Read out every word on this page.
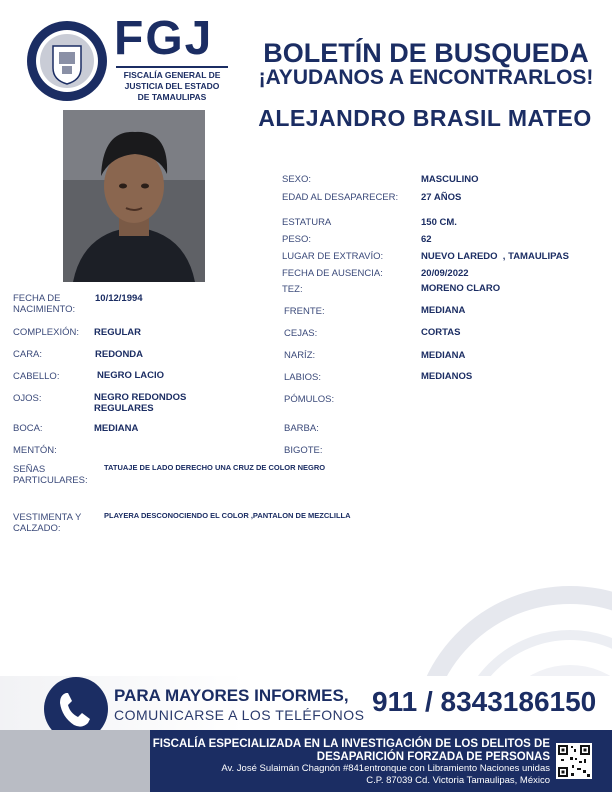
FGJ
FISCALÍA GENERAL DE
JUSTICIA DEL ESTADO
DE TAMAULIPAS
BOLETÍN DE BUSQUEDA
¡AYUDANOS A ENCONTRARLOS!
ALEJANDRO BRASIL MATEO
SEXO:	MASCULINO
EDAD AL DESAPARECER: 27 AÑOS
ESTATURA	150 CM.
PESO:	62
LUGAR DE EXTRAVÍO:	NUEVO LAREDO  , TAMAULIPAS
FECHA DE AUSENCIA:	20/09/2022
TEZ:	MORENO CLARO
FRENTE:	MEDIANA
CEJAS:	CORTAS
NARÍZ:	MEDIANA
LABIOS:	MEDIANOS
PÓMULOS:
BARBA:
BIGOTE:
FECHA DE NACIMIENTO:
10/12/1994
COMPLEXIÓN: REGULAR
CARA:	REDONDA
CABELLO:	NEGRO LACIO
OJOS:	NEGRO REDONDOS REGULARES
BOCA:	MEDIANA
MENTÓN:
SEÑAS PARTICULARES:
TATUAJE DE LADO DERECHO UNA CRUZ DE COLOR NEGRO
VESTIMENTA Y CALZADO:
PLAYERA DESCONOCIENDO EL COLOR ,PANTALON DE MEZCLILLA
PARA MAYORES INFORMES,
COMUNICARSE A LOS TELÉFONOS 911 / 8343186150
FISCALÍA ESPECIALIZADA EN LA INVESTIGACIÓN DE LOS DELITOS DE
DESAPARICIÓN FORZADA DE PERSONAS
Av. José Sulaimán Chagnón #841entronque con Libramiento Naciones unidas
C.P. 87039 Cd. Victoria Tamaulipas, México
